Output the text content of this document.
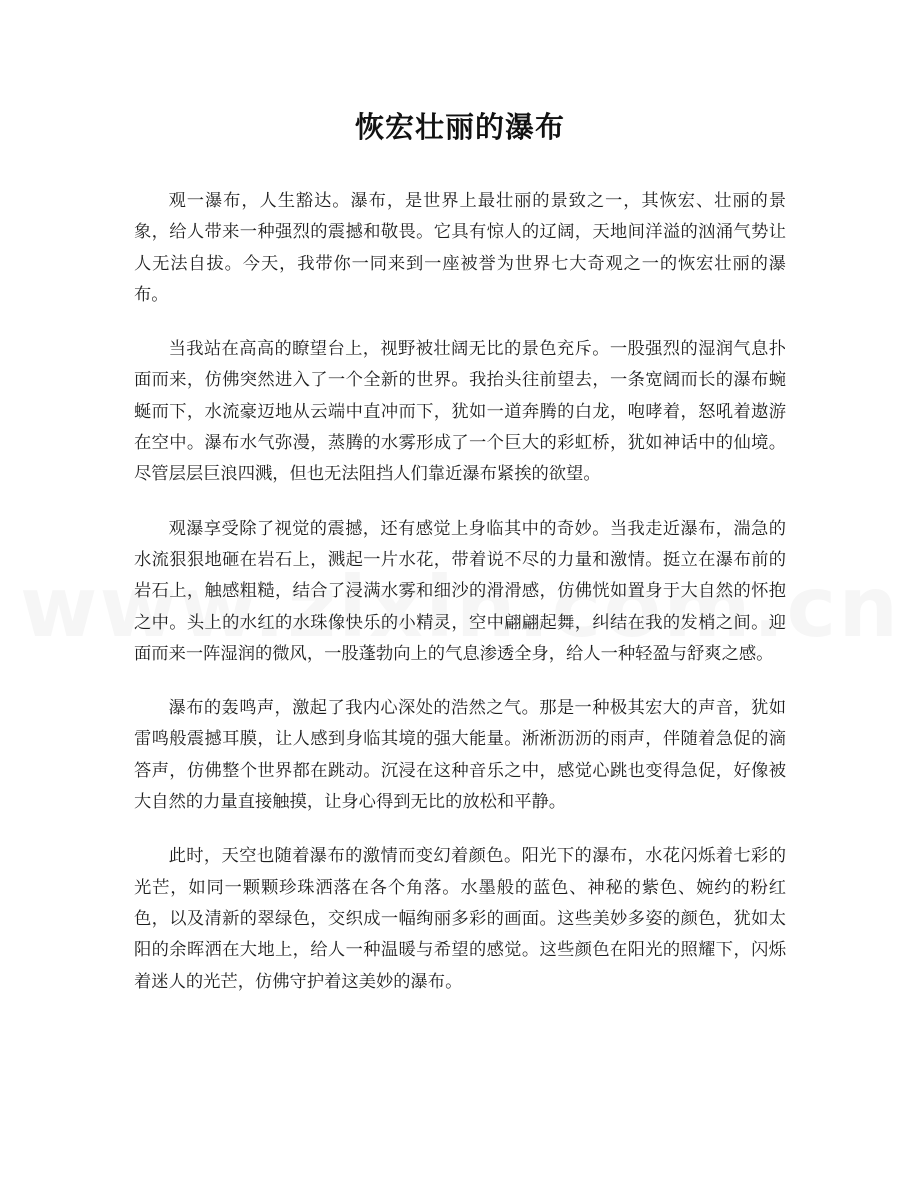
恢宏壮丽的瀑布

观一瀑布，人生豁达。瀑布，是世界上最壮丽的景致之一，其恢宏、壮丽的景象，给人带来一种强烈的震撼和敬畏。它具有惊人的辽阔，天地间洋溢的汹涌气势让人无法自拔。今天，我带你一同来到一座被誉为世界七大奇观之一的恢宏壮丽的瀑布。

当我站在高高的瞭望台上，视野被壮阔无比的景色充斥。一股强烈的湿润气息扑面而来，仿佛突然进入了一个全新的世界。我抬头往前望去，一条宽阔而长的瀑布蜿蜒而下，水流豪迈地从云端中直冲而下，犹如一道奔腾的白龙，咆哮着，怒吼着遨游在空中。瀑布水气弥漫，蒸腾的水雾形成了一个巨大的彩虹桥，犹如神话中的仙境。尽管层层巨浪四溅，但也无法阻挡人们靠近瀑布紧挨的欲望。

观瀑享受除了视觉的震撼，还有感觉上身临其中的奇妙。当我走近瀑布，湍急的水流狠狠地砸在岩石上，溅起一片水花，带着说不尽的力量和激情。挺立在瀑布前的岩石上，触感粗糙，结合了浸满水雾和细沙的滑滑感，仿佛恍如置身于大自然的怀抱之中。头上的水红的水珠像快乐的小精灵，空中翩翩起舞，纠结在我的发梢之间。迎面而来一阵湿润的微风，一股蓬勃向上的气息渗透全身，给人一种轻盈与舒爽之感。

瀑布的轰鸣声，激起了我内心深处的浩然之气。那是一种极其宏大的声音，犹如雷鸣般震撼耳膜，让人感到身临其境的强大能量。淅淅沥沥的雨声，伴随着急促的滴答声，仿佛整个世界都在跳动。沉浸在这种音乐之中，感觉心跳也变得急促，好像被大自然的力量直接触摸，让身心得到无比的放松和平静。

此时，天空也随着瀑布的激情而变幻着颜色。阳光下的瀑布，水花闪烁着七彩的光芒，如同一颗颗珍珠洒落在各个角落。水墨般的蓝色、神秘的紫色、婉约的粉红色，以及清新的翠绿色，交织成一幅绚丽多彩的画面。这些美妙多姿的颜色，犹如太阳的余晖洒在大地上，给人一种温暖与希望的感觉。这些颜色在阳光的照耀下，闪烁着迷人的光芒，仿佛守护着这美妙的瀑布。
